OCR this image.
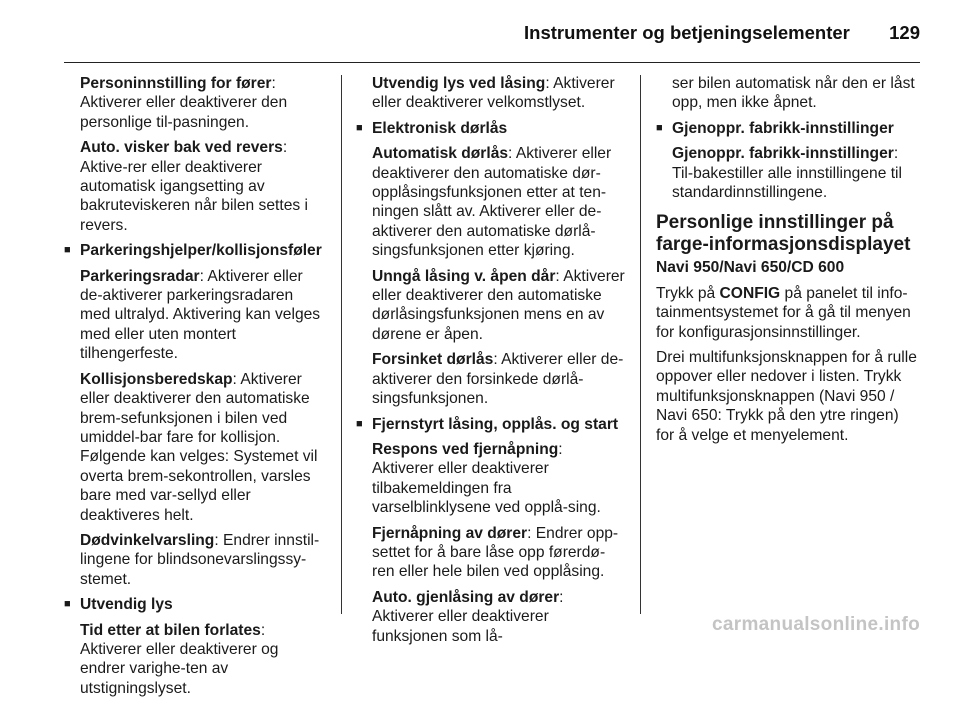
Instrumenter og betjeningselementer 129

Personinnstilling for fører: Aktiverer eller deaktiverer den personlige til-pasningen.

Auto. visker bak ved revers: Aktive-rer eller deaktiverer automatisk igangsetting av bakruteviskeren når bilen settes i revers.

■ Parkeringshjelper/kollisjonsføler

Parkeringsradar: Aktiverer eller de-aktiverer parkeringsradaren med ultralyd. Aktivering kan velges med eller uten montert tilhengerfeste.

Kollisjonsberedskap: Aktiverer eller deaktiverer den automatiske brem-sefunksjonen i bilen ved umiddel-bar fare for kollisjon. Følgende kan velges: Systemet vil overta brem-sekontrollen, varsles bare med var-sellyd eller deaktiveres helt.

Dødvinkelvarsling: Endrer innstil-lingene for blindsonevarslingssy-stemet.

■ Utvendig lys

Tid etter at bilen forlates: Aktiverer eller deaktiverer og endrer varighe-ten av utstigningslyset.

Utvendig lys ved låsing: Aktiverer eller deaktiverer velkomstlyset.

■ Elektronisk dørlås

Automatisk dørlås: Aktiverer eller deaktiverer den automatiske dør-opplåsingsfunksjonen etter at ten-ningen slått av. Aktiverer eller de-aktiverer den automatiske dørlå-singsfunksjonen etter kjøring.

Unngå låsing v. åpen dår: Aktiverer eller deaktiverer den automatiske dørlåsingsfunksjonen mens en av dørene er åpen.

Forsinket dørlås: Aktiverer eller de-aktiverer den forsinkede dørlå-singsfunksjonen.

■ Fjernstyrt låsing, opplås. og start

Respons ved fjernåpning: Aktiverer eller deaktiverer tilbakemeldingen fra varselblinklysene ved opplå-sing.

Fjernåpning av dører: Endrer opp-settet for å bare låse opp førerdø-ren eller hele bilen ved opplåsing.

Auto. gjenlåsing av dører: Aktiverer eller deaktiverer funksjonen som lå-

ser bilen automatisk når den er låst opp, men ikke åpnet.

■ Gjenoppr. fabrikk-innstillinger

Gjenoppr. fabrikk-innstillinger: Til-bakestiller alle innstillingene til standardinnstillingene.

Personlige innstillinger på farge-informasjonsdisplayet

Navi 950/Navi 650/CD 600

Trykk på CONFIG på panelet til info-tainmentsystemet for å gå til menyen for konfigurasjonsinnstillinger.

Drei multifunksjonsknappen for å rulle oppover eller nedover i listen. Trykk multifunksjonsknappen (Navi 950 / Navi 650: Trykk på den ytre ringen) for å velge et menyelement.

carmanualsonline.info
